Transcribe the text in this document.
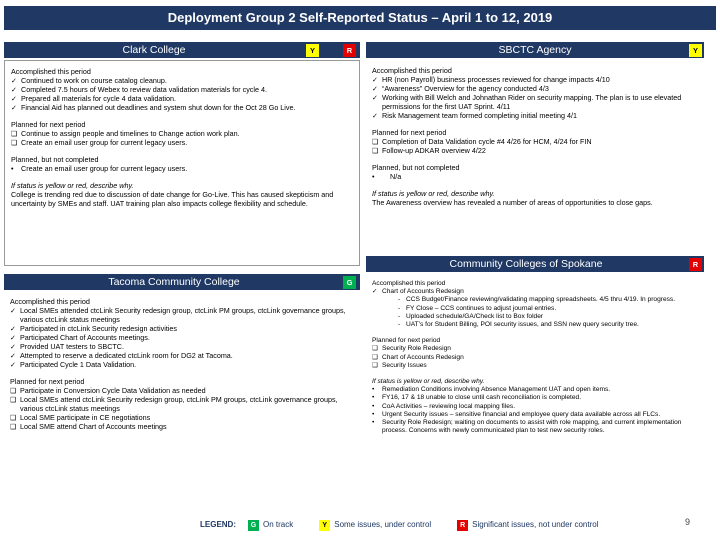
Deployment Group 2 Self-Reported Status – April 1 to 12, 2019
Clark College	Y	R
Accomplished this period
✓ Continued to work on course catalog cleanup.
✓ Completed 7.5 hours of Webex to review data validation materials for cycle 4.
✓ Prepared all materials for cycle 4 data validation.
✓ Financial Aid has planned out deadlines and system shut down for the Oct 28 Go Live.
Planned for next period
❑ Continue to assign people and timelines to Change action work plan.
❑ Create an email user group for current legacy users.
Planned, but not completed
•	Create an email user group for current legacy users.
If status is yellow or red, describe why.
College is trending red due to discussion of date change for Go-Live. This has caused skepticism and uncertainty by SMEs and staff. UAT training plan also impacts college flexibility and schedule.
SBCTC Agency	Y
Accomplished this period
✓ HR (non Payroll) business processes reviewed for change impacts 4/10
✓ “Awareness” Overview for the agency conducted 4/3
✓ Working with Bill Welch and Johnathan Rider on security mapping. The plan is to use elevated permissions for the first UAT Sprint. 4/11
✓ Risk Management team formed completing initial meeting 4/1
Planned for next period
❑ Completion of Data Validation cycle #4 4/26 for HCM, 4/24 for FIN
❑ Follow-up ADKAR overview 4/22
Planned, but not completed
•	N/a
If status is yellow or red, describe why.
The Awareness overview has revealed a number of areas of opportunities to close gaps.
Tacoma Community College	G
Accomplished this period
✓ Local SMEs attended ctcLink Security redesign group, ctcLink PM groups, ctcLink governance groups, various ctcLink status meetings
✓ Participated in ctcLink Security redesign activities
✓ Participated Chart of Accounts meetings.
✓ Provided UAT testers to SBCTC.
✓ Attempted to reserve a dedicated ctcLink room for DG2 at Tacoma.
✓ Participated Cycle 1 Data Validation.
Planned for next period
❑ Participate in Conversion Cycle Data Validation as needed
❑ Local SMEs attend ctcLink Security redesign group, ctcLink PM groups, ctcLink governance groups, various ctcLink status meetings
❑ Local SME participate in CE negotiations
❑ Local SME attend Chart of Accounts meetings
Community Colleges of Spokane	R
Accomplished this period
✓ Chart of Accounts Redesign
- CCS Budget/Finance reviewing/validating mapping spreadsheets. 4/5 thru 4/19. In progress.
- FY Close – CCS continues to adjust journal entries.
- Uploaded schedule/GA/Check list to Box folder
- UAT’s for Student Billing, POI security issues, and SSN new query security tree.
Planned for next period
❑ Security Role Redesign
❑ Chart of Accounts Redesign
❑ Security Issues
If status is yellow or red, describe why.
•	Remediation Conditions involving Absence Management UAT and open items.
•	FY16, 17 & 18 unable to close until cash reconciliation is completed.
•	CoA Activities – reviewing local mapping files.
•	Urgent Security issues – sensitive financial and employee query data available across all FLCs.
•	Security Role Redesign; waiting on documents to assist with role mapping, and current implementation process. Concerns with newly communicated plan to test new security roles.
LEGEND:	G On track	Y Some issues, under control	R Significant issues, not under control	9
